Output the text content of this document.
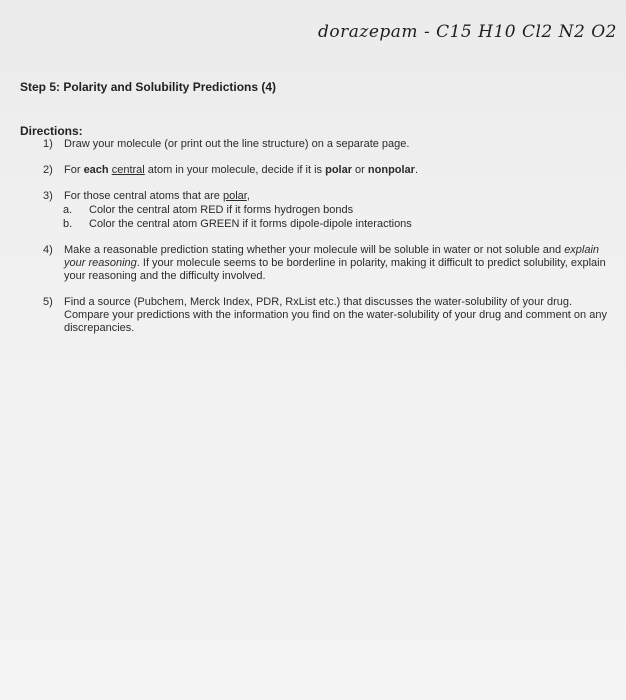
dorazepam - C15 H10 Cl2 N2 O2
Step 5: Polarity and Solubility Predictions (4)
Directions:
1)	Draw your molecule (or print out the line structure) on a separate page.
2)	For each central atom in your molecule, decide if it is polar or nonpolar.
3)	For those central atoms that are polar,
a.	Color the central atom RED if it forms hydrogen bonds
b.	Color the central atom GREEN if it forms dipole-dipole interactions
4)	Make a reasonable prediction stating whether your molecule will be soluble in water or not soluble and explain your reasoning. If your molecule seems to be borderline in polarity, making it difficult to predict solubility, explain your reasoning and the difficulty involved.
5)	Find a source (Pubchem, Merck Index, PDR, RxList etc.) that discusses the water-solubility of your drug. Compare your predictions with the information you find on the water-solubility of your drug and comment on any discrepancies.
